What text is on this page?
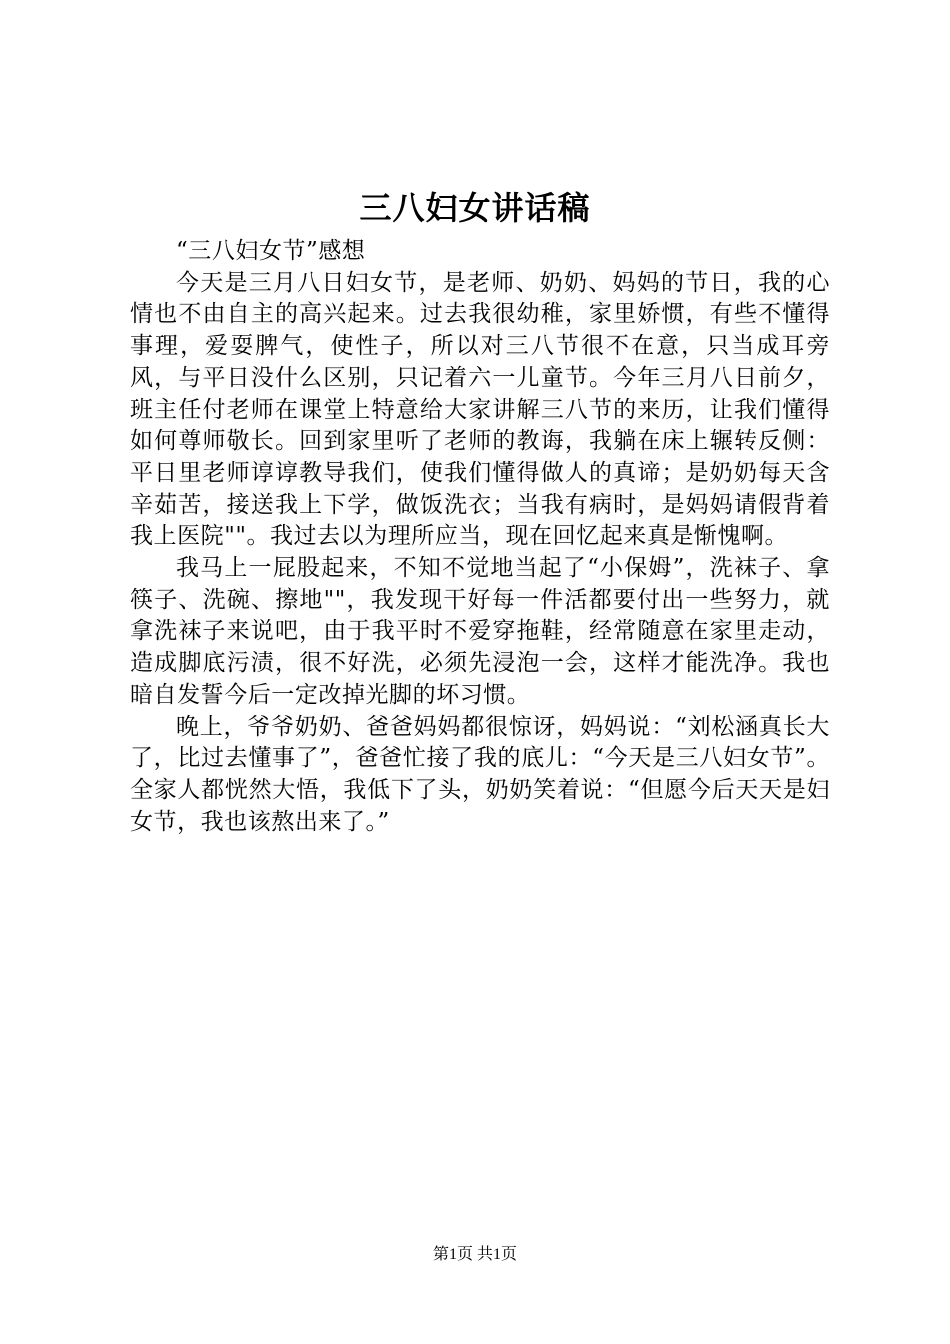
三八妇女讲话稿

“三八妇女节”感想

今天是三月八日妇女节，是老师、奶奶、妈妈的节日，我的心情也不由自主的高兴起来。过去我很幼稚，家里娇惯，有些不懂得事理，爱耍脾气，使性子，所以对三八节很不在意，只当成耳旁风，与平日没什么区别，只记着六一儿童节。今年三月八日前夕，班主任付老师在课堂上特意给大家讲解三八节的来历，让我们懂得如何尊师敬长。回到家里听了老师的教诲，我躺在床上辗转反侧：平日里老师谆谆教导我们，使我们懂得做人的真谛；是奶奶每天含辛茹苦，接送我上下学，做饭洗衣；当我有病时，是妈妈请假背着我上医院""。我过去以为理所应当，现在回忆起来真是惭愧啊。

我马上一屁股起来，不知不觉地当起了“小保姆”，洗袜子、拿筷子、洗碗、擦地""，我发现干好每一件活都要付出一些努力，就拿洗袜子来说吧，由于我平时不爱穿拖鞋，经常随意在家里走动，造成脚底污渍，很不好洗，必须先浸泡一会，这样才能洗净。我也暗自发誓今后一定改掉光脚的坏习惯。

晚上，爷爷奶奶、爸爸妈妈都很惊讶，妈妈说：“刘松涵真长大了，比过去懂事了”，爸爸忙接了我的底儿：“今天是三八妇女节”。全家人都恍然大悟，我低下了头，奶奶笑着说：“但愿今后天天是妇女节，我也该熬出来了。”

第1页 共1页
